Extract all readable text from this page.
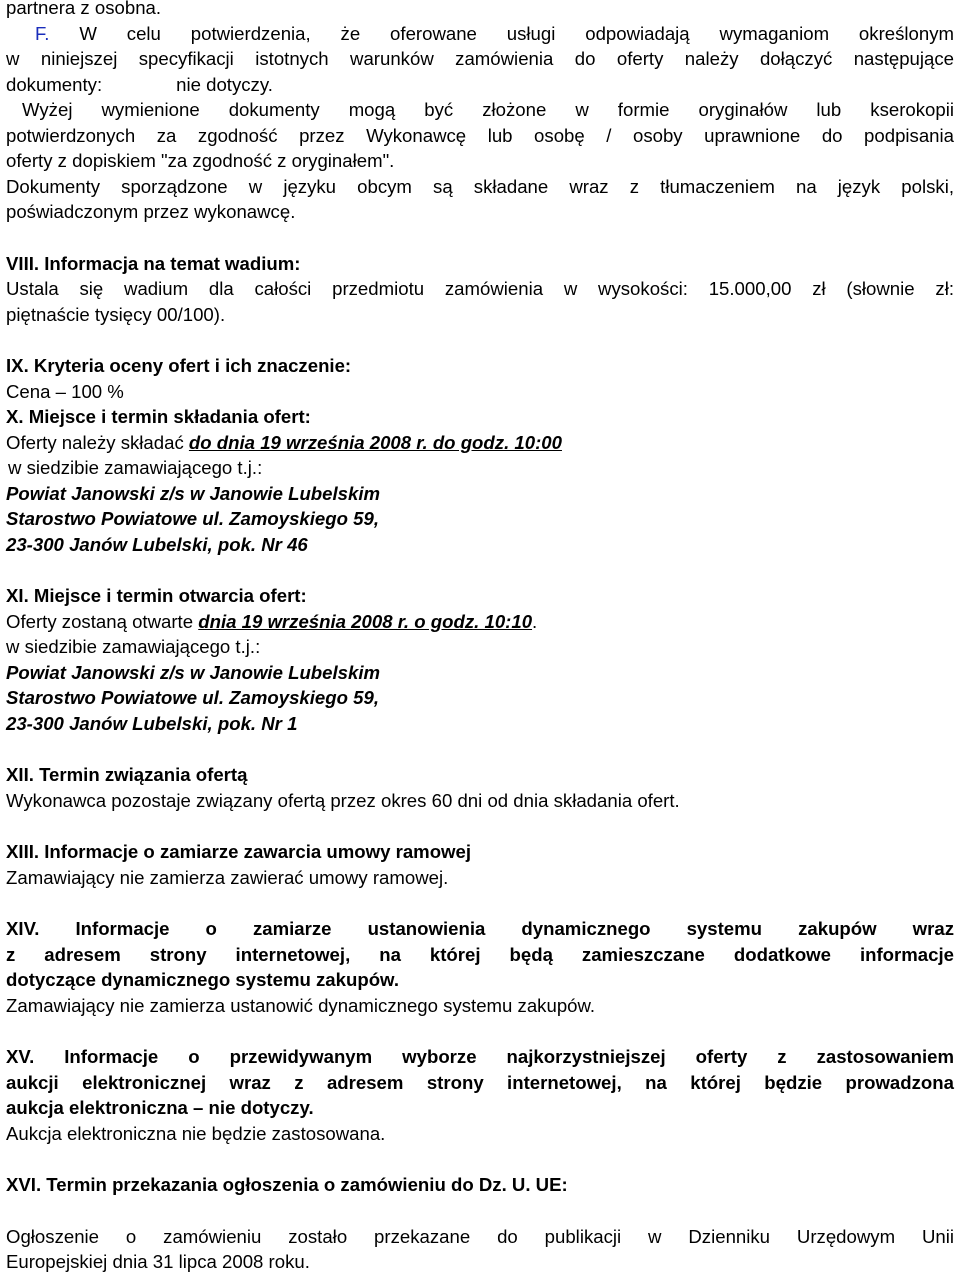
partnera z osobna.

F. W celu potwierdzenia, że oferowane usługi odpowiadają wymaganiom określonym

w niniejszej specyfikacji istotnych warunków zamówienia do oferty należy dołączyć następujące

dokumenty:	nie dotyczy.

Wyżej wymienione dokumenty mogą być złożone w formie oryginałów lub kserokopii

potwierdzonych za zgodność przez Wykonawcę lub osobę / osoby uprawnione do podpisania

oferty z dopiskiem "za zgodność z oryginałem".

Dokumenty sporządzone w języku obcym są składane wraz z tłumaczeniem na język polski,

poświadczonym przez wykonawcę.

VIII. Informacja na temat wadium:

Ustala się wadium dla całości przedmiotu zamówienia w wysokości: 15.000,00 zł (słownie zł:

piętnaście tysięcy 00/100).

IX. Kryteria oceny ofert i ich znaczenie:

Cena – 100 %

X. Miejsce i termin składania ofert:

Oferty należy składać do dnia 19 września 2008 r. do godz. 10:00

w siedzibie zamawiającego t.j.:

Powiat Janowski z/s w Janowie Lubelskim

Starostwo Powiatowe ul. Zamoyskiego 59,

23-300 Janów Lubelski, pok. Nr 46

XI. Miejsce i termin otwarcia ofert:

Oferty zostaną otwarte dnia 19 września 2008 r. o godz. 10:10.

w siedzibie zamawiającego t.j.:

Powiat Janowski z/s w Janowie Lubelskim

Starostwo Powiatowe ul. Zamoyskiego 59,

23-300 Janów Lubelski, pok. Nr 1

XII. Termin związania ofertą

Wykonawca pozostaje związany ofertą przez okres 60 dni od dnia składania ofert.

XIII. Informacje o zamiarze zawarcia umowy ramowej

Zamawiający nie zamierza zawierać umowy ramowej.

XIV. Informacje o zamiarze ustanowienia dynamicznego systemu zakupów wraz

z adresem strony internetowej, na której będą zamieszczane dodatkowe informacje

dotyczące dynamicznego systemu zakupów.

Zamawiający nie zamierza ustanowić dynamicznego systemu zakupów.

XV. Informacje o przewidywanym wyborze najkorzystniejszej oferty z zastosowaniem

aukcji elektronicznej wraz z adresem strony internetowej, na której będzie prowadzona

aukcja elektroniczna – nie dotyczy.

Aukcja elektroniczna nie będzie zastosowana.

XVI. Termin przekazania ogłoszenia o zamówieniu do Dz. U. UE:

Ogłoszenie o zamówieniu zostało przekazane do publikacji w Dzienniku Urzędowym Unii

Europejskiej dnia 31 lipca 2008 roku.
